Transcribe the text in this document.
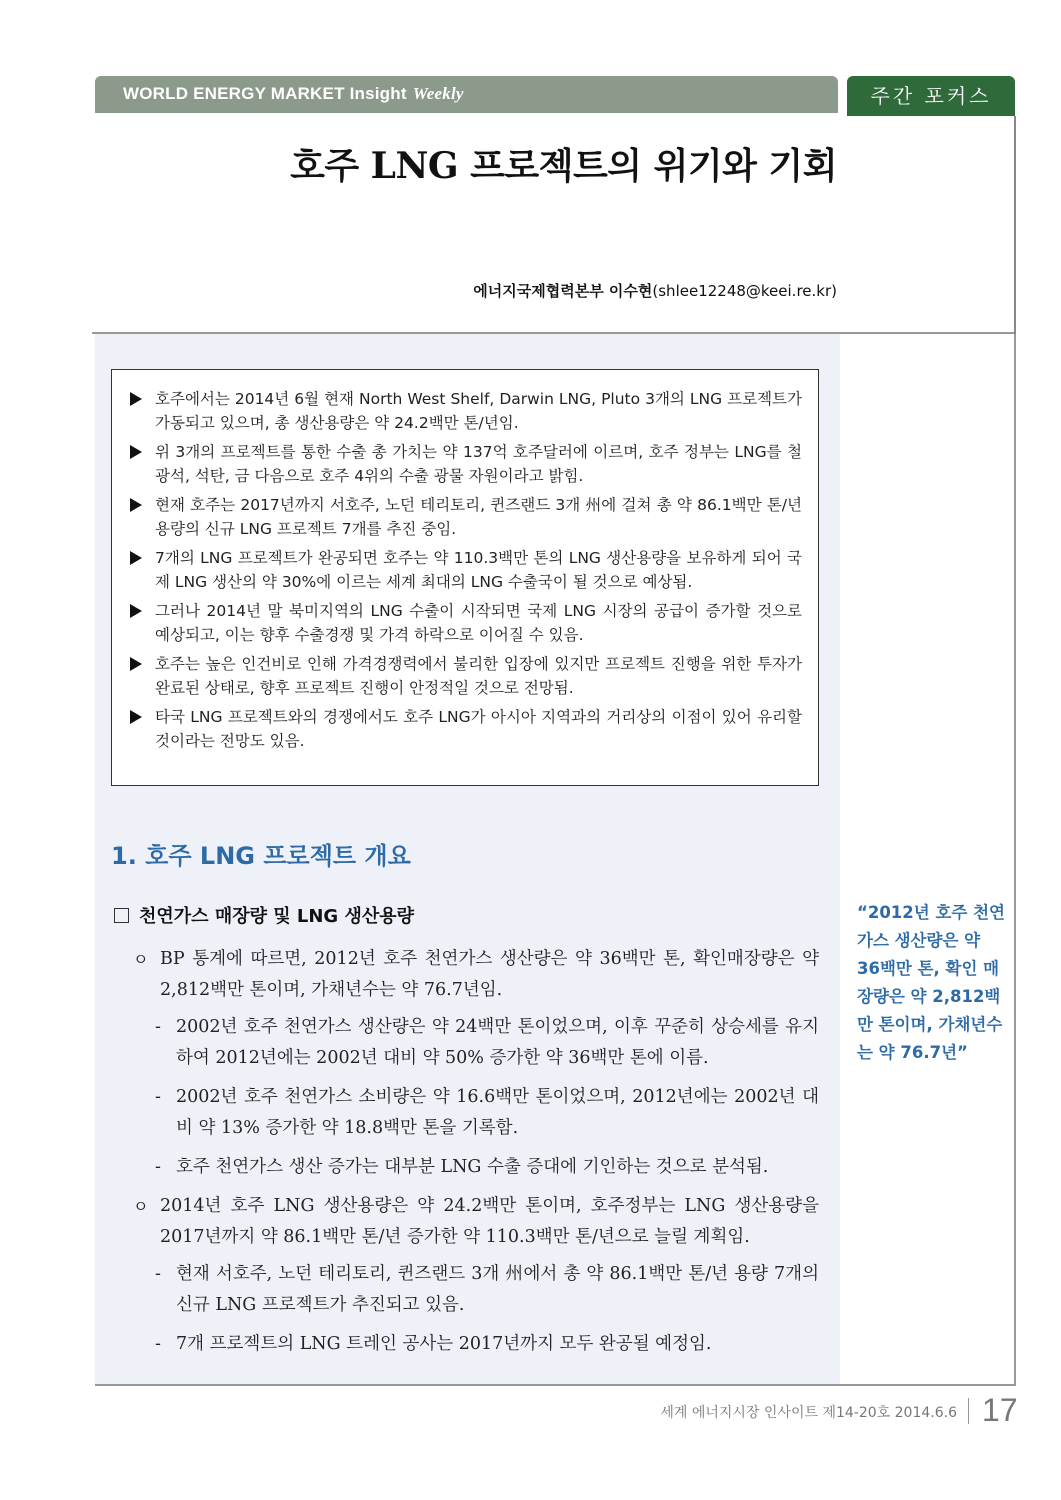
WORLD ENERGY MARKET Insight Weekly	주간 포커스
호주 LNG 프로젝트의 위기와 기회
에너지국제협력본부 이수현(shlee12248@keei.re.kr)
호주에서는 2014년 6월 현재 North West Shelf, Darwin LNG, Pluto 3개의 LNG 프로젝트가 가동되고 있으며, 총 생산용량은 약 24.2백만 톤/년임.
위 3개의 프로젝트를 통한 수출 총 가치는 약 137억 호주달러에 이르며, 호주 정부는 LNG를 철광석, 석탄, 금 다음으로 호주 4위의 수출 광물 자원이라고 밝힘.
현재 호주는 2017년까지 서호주, 노던 테리토리, 퀸즈랜드 3개 州에 걸쳐 총 약 86.1백만 톤/년 용량의 신규 LNG 프로젝트 7개를 추진 중임.
7개의 LNG 프로젝트가 완공되면 호주는 약 110.3백만 톤의 LNG 생산용량을 보유하게 되어 국제 LNG 생산의 약 30%에 이르는 세계 최대의 LNG 수출국이 될 것으로 예상됨.
그러나 2014년 말 북미지역의 LNG 수출이 시작되면 국제 LNG 시장의 공급이 증가할 것으로 예상되고, 이는 향후 수출경쟁 및 가격 하락으로 이어질 수 있음.
호주는 높은 인건비로 인해 가격경쟁력에서 불리한 입장에 있지만 프로젝트 진행을 위한 투자가 완료된 상태로, 향후 프로젝트 진행이 안정적일 것으로 전망됨.
타국 LNG 프로젝트와의 경쟁에서도 호주 LNG가 아시아 지역과의 거리상의 이점이 있어 유리할 것이라는 전망도 있음.
1. 호주 LNG 프로젝트 개요
천연가스 매장량 및 LNG 생산용량
ㅇ BP 통계에 따르면, 2012년 호주 천연가스 생산량은 약 36백만 톤, 확인매장량은 약 2,812백만 톤이며, 가채년수는 약 76.7년임.
- 2002년 호주 천연가스 생산량은 약 24백만 톤이었으며, 이후 꾸준히 상승세를 유지하여 2012년에는 2002년 대비 약 50% 증가한 약 36백만 톤에 이름.
- 2002년 호주 천연가스 소비량은 약 16.6백만 톤이었으며, 2012년에는 2002년 대비 약 13% 증가한 약 18.8백만 톤을 기록함.
- 호주 천연가스 생산 증가는 대부분 LNG 수출 증대에 기인하는 것으로 분석됨.
ㅇ 2014년 호주 LNG 생산용량은 약 24.2백만 톤이며, 호주정부는 LNG 생산용량을 2017년까지 약 86.1백만 톤/년 증가한 약 110.3백만 톤/년으로 늘릴 계획임.
- 현재 서호주, 노던 테리토리, 퀸즈랜드 3개 州에서 총 약 86.1백만 톤/년 용량 7개의 신규 LNG 프로젝트가 추진되고 있음.
- 7개 프로젝트의 LNG 트레인 공사는 2017년까지 모두 완공될 예정임.
“2012년 호주 천연가스 생산량은 약 36백만 톤, 확인 매장량은 약 2,812백만 톤이며, 가채년수는 약 76.7년”
세계 에너지시장 인사이트 제14-20호 2014.6.6 17
